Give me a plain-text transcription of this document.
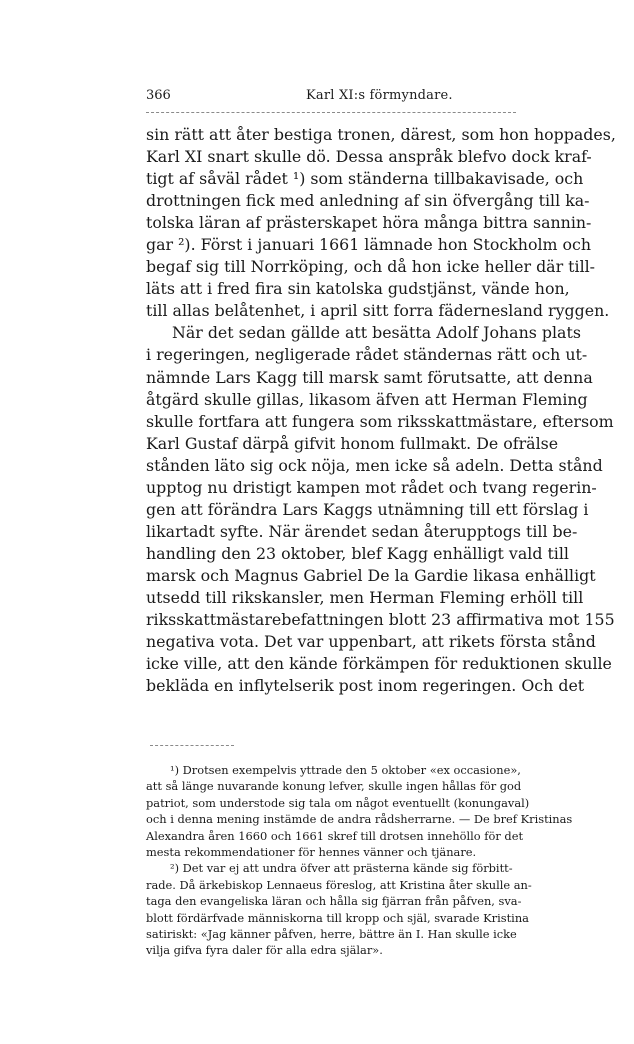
366	Karl XI:s förmyndare.
sin rätt att åter bestiga tronen, därest, som hon hoppades,
Karl XI snart skulle dö. Dessa anspråk blefvo dock kraf-
tigt af såväl rådet ¹) som ständerna tillbakavisade, och
drottningen fick med anledning af sin öfvergång till ka-
tolska läran af prästerskapet höra många bittra sannin-
gar ²). Först i januari 1661 lämnade hon Stockholm och
begaf sig till Norrköping, och då hon icke heller där till-
läts att i fred fira sin katolska gudstjänst, vände hon,
till allas belåtenhet, i april sitt forra fädernesland ryggen.
När det sedan gällde att besätta Adolf Johans plats
i regeringen, negligerade rådet ständernas rätt och ut-
nämnde Lars Kagg till marsk samt förutsatte, att denna
åtgärd skulle gillas, likasom äfven att Herman Fleming
skulle fortfara att fungera som riksskattmästare, eftersom
Karl Gustaf därpå gifvit honom fullmakt. De ofrälse
stånden läto sig ock nöja, men icke så adeln. Detta stånd
upptog nu dristigt kampen mot rådet och tvang regerin-
gen att förändra Lars Kaggs utnämning till ett förslag i
likartadt syfte. När ärendet sedan återupptogs till be-
handling den 23 oktober, blef Kagg enhälligt vald till
marsk och Magnus Gabriel De la Gardie likasa enhälligt
utsedd till rikskansler, men Herman Fleming erhöll till
riksskattmästarebefattningen blott 23 affirmativa mot 155
negativa vota. Det var uppenbart, att rikets första stånd
icke ville, att den kände förkämpen för reduktionen skulle
bekläda en inflytelserik post inom regeringen. Och det
¹) Drotsen exempelvis yttrade den 5 oktober «ex occasione»,
att så länge nuvarande konung lefver, skulle ingen hållas för god
patriot, som understode sig tala om något eventuellt (konungaval)
och i denna mening instämde de andra rådsherrarne. — De bref Kristinas
Alexandra åren 1660 och 1661 skref till drotsen innehöllo för det
mesta rekommendationer för hennes vänner och tjänare.
²) Det var ej att undra öfver att prästerna kände sig förbitt-
rade. Då ärkebiskop Lennaeus föreslog, att Kristina åter skulle an-
taga den evangeliska läran och hålla sig fjärran från påfven, sva-
blott fördärfvade människorna till kropp och själ, svarade Kristina
satiriskt: «Jag känner påfven, herre, bättre än I. Han skulle icke
vilja gifva fyra daler för alla edra själar».
